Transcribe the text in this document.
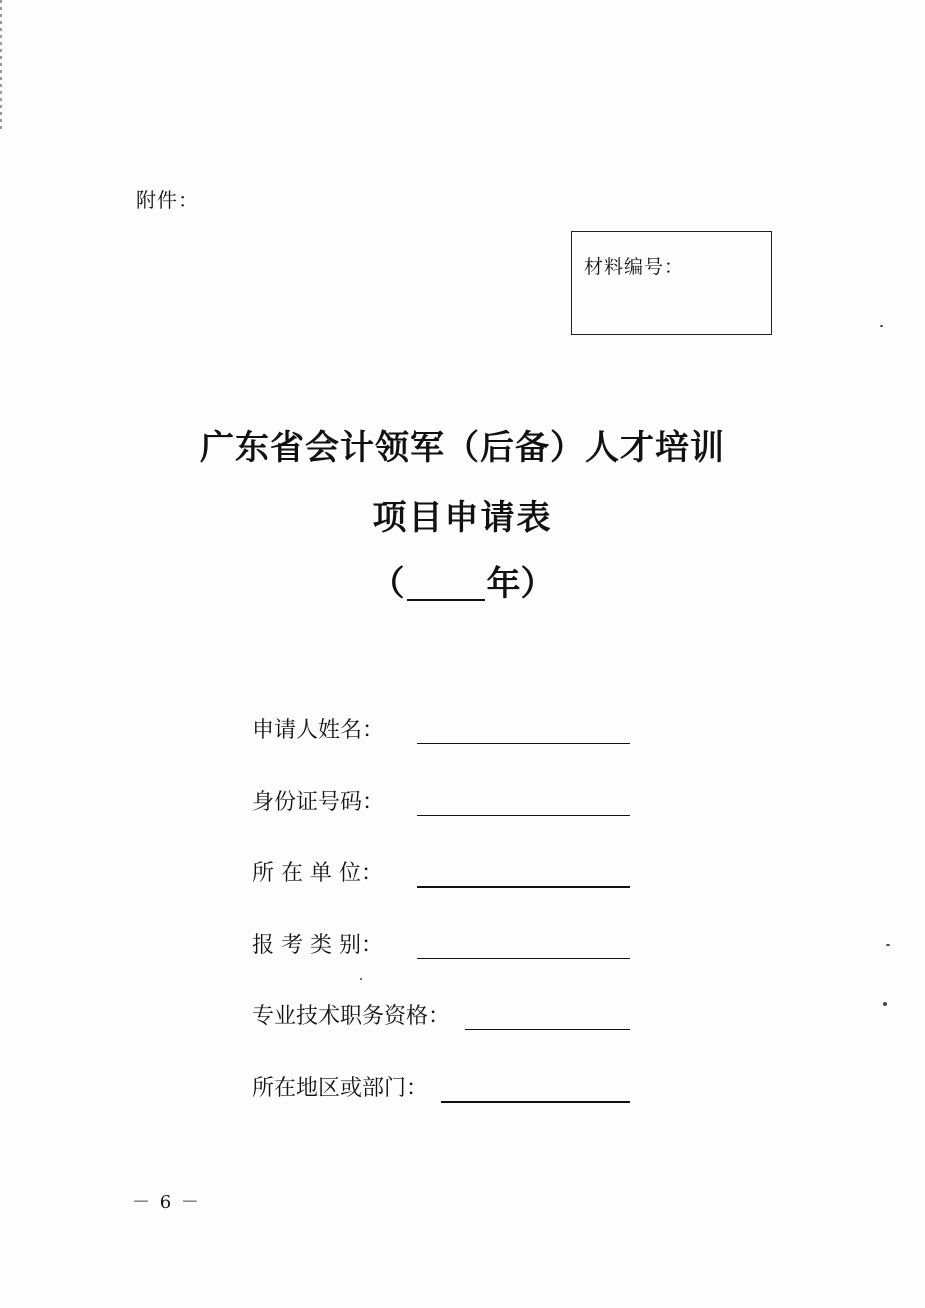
附件：
材料编号：
广东省会计领军（后备）人才培训
项目申请表
（ 年）
申请人姓名：
身份证号码：
所 在 单 位：
报 考 类 别：
专业技术职务资格：
所在地区或部门：
－ 6 －
